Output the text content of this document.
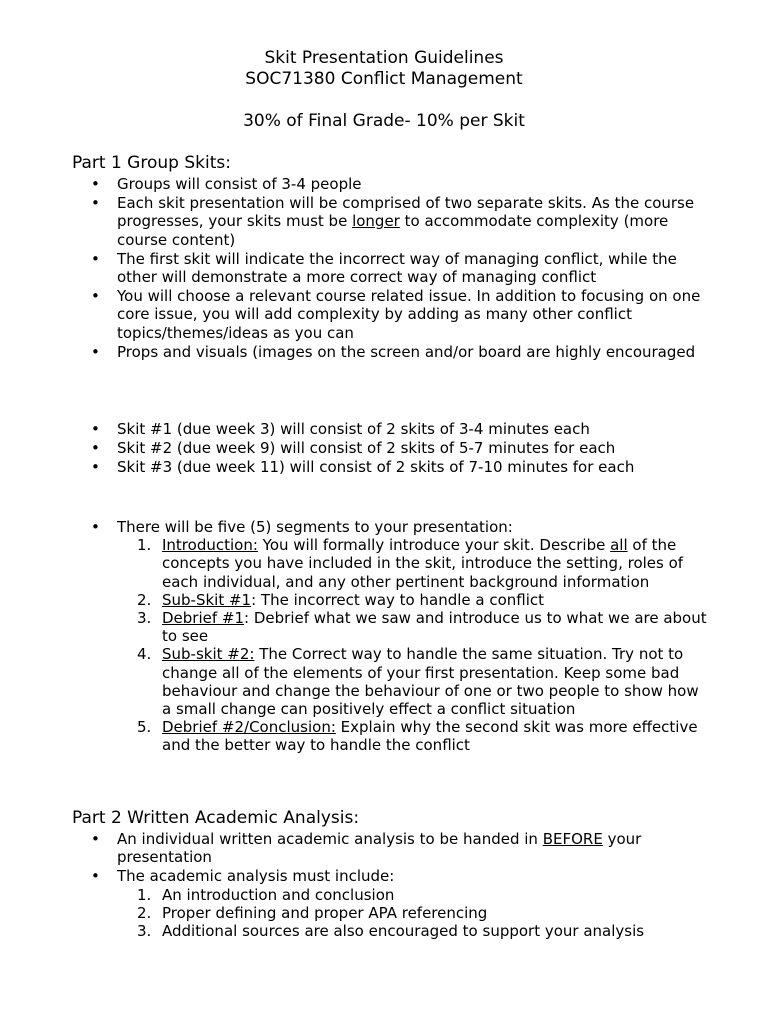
Skit Presentation Guidelines
SOC71380 Conflict Management
30% of Final Grade- 10% per Skit
Part 1 Group Skits:
• Groups will consist of 3-4 people
• Each skit presentation will be comprised of two separate skits. As the course progresses, your skits must be longer to accommodate complexity (more course content)
• The first skit will indicate the incorrect way of managing conflict, while the other will demonstrate a more correct way of managing conflict
• You will choose a relevant course related issue. In addition to focusing on one core issue, you will add complexity by adding as many other conflict topics/themes/ideas as you can
• Props and visuals (images on the screen and/or board are highly encouraged
• Skit #1 (due week 3) will consist of 2 skits of 3-4 minutes each
• Skit #2 (due week 9) will consist of 2 skits of 5-7 minutes for each
• Skit #3 (due week 11) will consist of 2 skits of 7-10 minutes for each
• There will be five (5) segments to your presentation:
1. Introduction: You will formally introduce your skit. Describe all of the concepts you have included in the skit, introduce the setting, roles of each individual, and any other pertinent background information
2. Sub-Skit #1: The incorrect way to handle a conflict
3. Debrief #1: Debrief what we saw and introduce us to what we are about to see
4. Sub-skit #2: The Correct way to handle the same situation. Try not to change all of the elements of your first presentation. Keep some bad behaviour and change the behaviour of one or two people to show how a small change can positively effect a conflict situation
5. Debrief #2/Conclusion: Explain why the second skit was more effective and the better way to handle the conflict
Part 2 Written Academic Analysis:
• An individual written academic analysis to be handed in BEFORE your presentation
• The academic analysis must include:
1. An introduction and conclusion
2. Proper defining and proper APA referencing
3. Additional sources are also encouraged to support your analysis
